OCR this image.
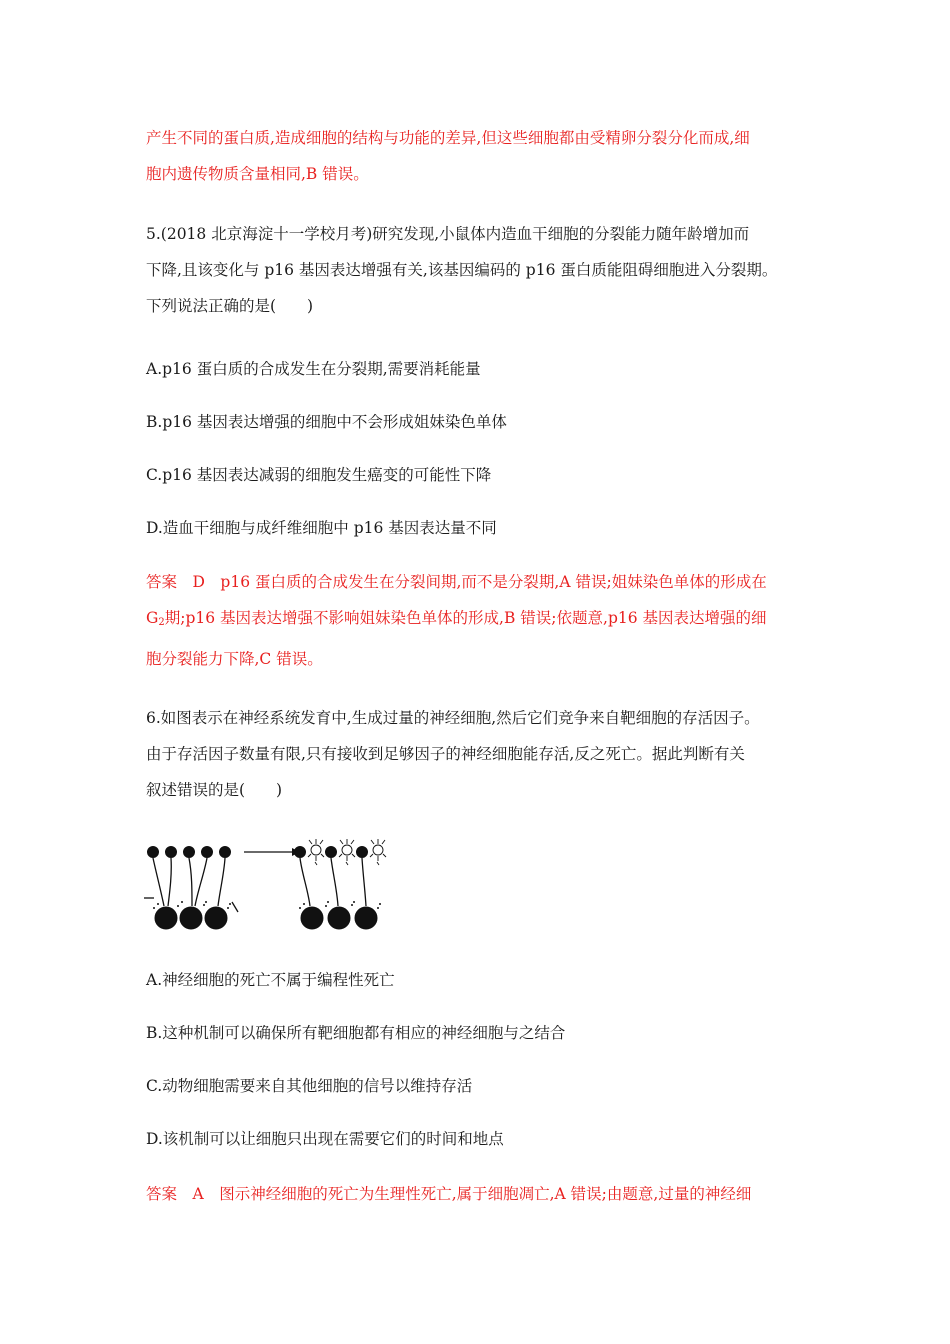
产生不同的蛋白质,造成细胞的结构与功能的差异,但这些细胞都由受精卵分裂分化而成,细
胞内遗传物质含量相同,B 错误。
5.(2018 北京海淀十一学校月考)研究发现,小鼠体内造血干细胞的分裂能力随年龄增加而
下降,且该变化与 p16 基因表达增强有关,该基因编码的 p16 蛋白质能阻碍细胞进入分裂期。
下列说法正确的是(　　)
A.p16 蛋白质的合成发生在分裂期,需要消耗能量
B.p16 基因表达增强的细胞中不会形成姐妹染色单体
C.p16 基因表达减弱的细胞发生癌变的可能性下降
D.造血干细胞与成纤维细胞中 p16 基因表达量不同
答案　D　p16 蛋白质的合成发生在分裂间期,而不是分裂期,A 错误;姐妹染色单体的形成在
$G_2$期;p16 基因表达增强不影响姐妹染色单体的形成,B 错误;依题意,p16 基因表达增强的细
胞分裂能力下降,C 错误。
6.如图表示在神经系统发育中,生成过量的神经细胞,然后它们竞争来自靶细胞的存活因子。
由于存活因子数量有限,只有接收到足够因子的神经细胞能存活,反之死亡。据此判断有关
叙述错误的是(　　)
A.神经细胞的死亡不属于编程性死亡
B.这种机制可以确保所有靶细胞都有相应的神经细胞与之结合
C.动物细胞需要来自其他细胞的信号以维持存活
D.该机制可以让细胞只出现在需要它们的时间和地点
答案　A　图示神经细胞的死亡为生理性死亡,属于细胞凋亡,A 错误;由题意,过量的神经细
